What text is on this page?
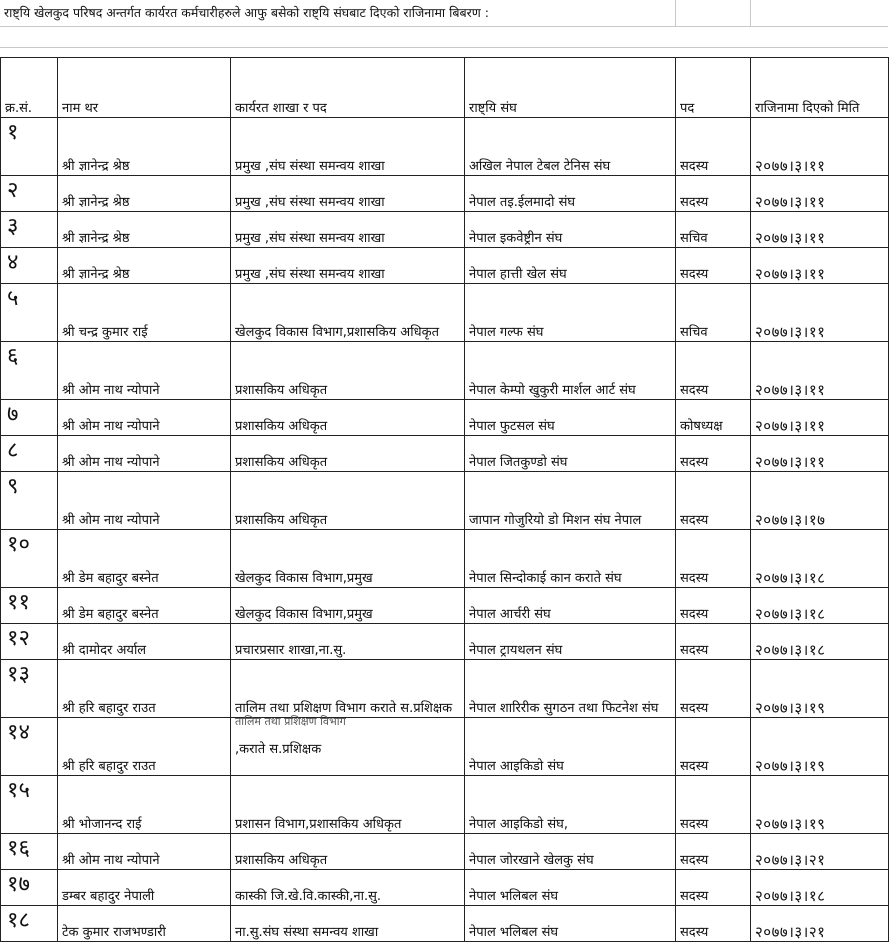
राष्ट्यि खेलकुद परिषद अन्तर्गत कार्यरत कर्मचारीहरुले आफु बसेको राष्ट्यि संघबाट दिएको राजिनामा बिबरण :
क्र.सं.	नाम थर	कार्यरत शाखा र पद	राष्ट्यि संघ	पद	राजिनामा दिएको मिति
१	श्री ज्ञानेन्द्र श्रेष्ठ	प्रमुख ,संघ संस्था समन्वय शाखा	अखिल नेपाल टेबल टेनिस संघ	सदस्य	२०७७।३।११
२	श्री ज्ञानेन्द्र श्रेष्ठ	प्रमुख ,संघ संस्था समन्वय शाखा	नेपाल तइ.ईलमादो संघ	सदस्य	२०७७।३।११
३	श्री ज्ञानेन्द्र श्रेष्ठ	प्रमुख ,संघ संस्था समन्वय शाखा	नेपाल इकवेष्ट्रीन संघ	सचिव	२०७७।३।११
४	श्री ज्ञानेन्द्र श्रेष्ठ	प्रमुख ,संघ संस्था समन्वय शाखा	नेपाल हात्ती खेल संघ	सदस्य	२०७७।३।११
५	श्री चन्द्र कुमार राई	खेलकुद विकास विभाग,प्रशासकिय अधिकृत	नेपाल गल्फ संघ	सचिव	२०७७।३।११
६	श्री ओम नाथ न्योपाने	प्रशासकिय अधिकृत	नेपाल केम्पो खुकुरी मार्शल आर्ट संघ	सदस्य	२०७७।३।११
७	श्री ओम नाथ न्योपाने	प्रशासकिय अधिकृत	नेपाल फुटसल संघ	कोषध्यक्ष	२०७७।३।११
८	श्री ओम नाथ न्योपाने	प्रशासकिय अधिकृत	नेपाल जितकुण्डो संघ	सदस्य	२०७७।३।११
९	श्री ओम नाथ न्योपाने	प्रशासकिय अधिकृत	जापान गोजुरियो डो मिशन संघ नेपाल	सदस्य	२०७७।३।१७
१०	श्री डेम बहादुर बस्नेत	खेलकुद विकास विभाग,प्रमुख	नेपाल सिन्दोकाई कान कराते संघ	सदस्य	२०७७।३।१८
११	श्री डेम बहादुर बस्नेत	खेलकुद विकास विभाग,प्रमुख	नेपाल आर्चरी संघ	सदस्य	२०७७।३।१८
१२	श्री दामोदर अर्याल	प्रचारप्रसार शाखा,ना.सु.	नेपाल ट्रायथलन संघ	सदस्य	२०७७।३।१८
१३	श्री हरि बहादुर राउत	तालिम तथा प्रशिक्षण विभाग कराते स.प्रशिक्षक	नेपाल शारिरीक सुगठन तथा फिटनेश संघ	सदस्य	२०७७।३।१९
१४	श्री हरि बहादुर राउत	तालिम तथा प्रशिक्षण विभाग
,कराते स.प्रशिक्षक	नेपाल आइकिडो संघ	सदस्य	२०७७।३।१९
१५	श्री भोजानन्द राई	प्रशासन विभाग,प्रशासकिय अधिकृत	नेपाल आइकिडो संघ,	सदस्य	२०७७।३।१९
१६	श्री ओम नाथ न्योपाने	प्रशासकिय अधिकृत	नेपाल जोरखाने खेलकु संघ	सदस्य	२०७७।३।२१
१७	डम्बर बहादुर नेपाली	कास्की जि.खे.वि.कास्की,ना.सु.	नेपाल भलिबल संघ	सदस्य	२०७७।३।१८
१८	टेक कुमार राजभण्डारी	ना.सु.संघ संस्था समन्वय शाखा	नेपाल भलिबल संघ	सदस्य	२०७७।३।२१
